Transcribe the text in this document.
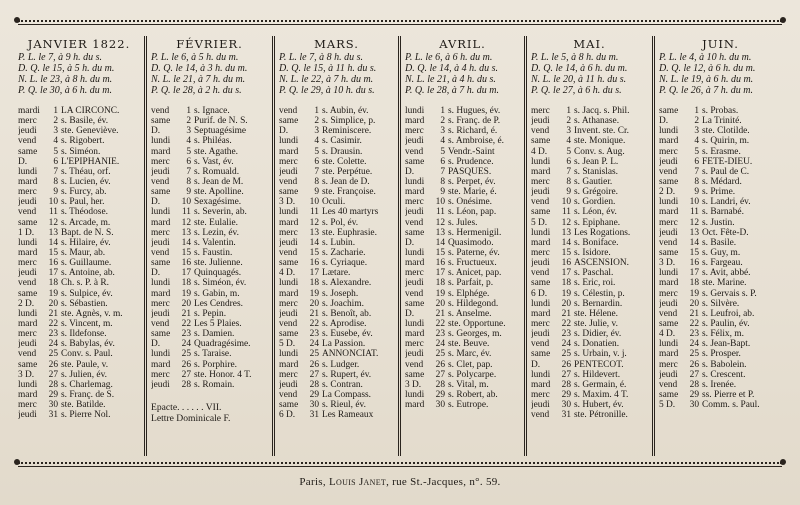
JANVIER 1822.
P. L. le 7, à 9 h. du s.
D. Q. le 15, à 5 h. du m.
N. L. le 23, à 8 h. du m.
P. Q. le 30, à 6 h. du m.
mardi	1 LA CIRCONC.
merc	2 s. Basile, év.
jeudi	3 ste. Geneviève.
vend	4 s. Rigobert.
same	5 s. Siméon.
D.	6 L'EPIPHANIE.
lundi	7 s. Théau, orf.
mard	8 s. Lucien, év.
merc	9 s. Furcy, ab.
jeudi	10 s. Paul, her.
vend	11 s. Théodose.
same	12 s. Arcade, m.
1 D.	13 Bapt. de N. S.
lundi	14 s. Hilaire, év.
mard	15 s. Maur, ab.
merc	16 s. Guillaume.
jeudi	17 s. Antoine, ab.
vend	18 Ch. s. P. à R.
same	19 s. Sulpice, év.
2 D.	20 s. Sébastien.
lundi	21 ste. Agnès, v. m.
mard	22 s. Vincent, m.
merc	23 s. Ildefonse.
jeudi	24 s. Babylas, év.
vend	25 Conv. s. Paul.
same	26 ste. Paule, v.
3 D.	27 s. Julien, év.
lundi	28 s. Charlemag.
mard	29 s. Franç. de S.
merc	30 ste. Batilde.
jeudi	31 s. Pierre Nol.
FÉVRIER.
P. L. le 6, à 5 h. du m.
D. Q. le 14, à 3 h. du m.
N. L. le 21, à 7 h. du m.
P. Q. le 28, à 2 h. du s.
vend	1 s. Ignace.
same	2 Purif. de N. S.
D.	3 Septuagésime
lundi	4 s. Philéas.
mard	5 ste. Agathe.
merc	6 s. Vast, év.
jeudi	7 s. Romuald.
vend	8 s. Jean de M.
same	9 ste. Apolline.
D.	10 Sexagésime.
lundi	11 s. Severin, ab.
mard	12 ste. Eulalie.
merc	13 s. Lezin, év.
jeudi	14 s. Valentin.
vend	15 s. Faustin.
same	16 ste. Julienne.
D.	17 Quinquagés.
lundi	18 s. Siméon, év.
mard	19 s. Gabin, m.
merc	20 Les Cendres.
jeudi	21 s. Pepin.
vend	22 Les 5 Plaies.
same	23 s. Damien.
D.	24 Quadragésime.
lundi	25 s. Taraise.
mard	26 s. Porphire.
merc	27 ste. Honor. 4 T.
jeudi	28 s. Romain.
Epacte. . . . . . VII.
Lettre Dominicale F.
MARS.
P. L. le 7, à 8 h. du s.
D. Q. le 15, à 11 h. du s.
N. L. le 22, à 7 h. du m.
P. Q. le 29, à 10 h. du s.
vend	1 s. Aubin, év.
same	2 s. Simplice, p.
D.	3 Reminiscere.
lundi	4 s. Casimir.
mard	5 s. Drausin.
merc	6 ste. Colette.
jeudi	7 ste. Perpétue.
vend	8 s. Jean de D.
same	9 ste. Françoise.
3 D.	10 Oculi.
lundi	11 Les 40 martyrs
mard	12 s. Pol, év.
merc	13 ste. Euphrasie.
jeudi	14 s. Lubin.
vend	15 s. Zacharie.
same	16 s. Cyriaque.
4 D.	17 Lætare.
lundi	18 s. Alexandre.
mard	19 s. Joseph.
merc	20 s. Joachim.
jeudi	21 s. Benoît, ab.
vend	22 s. Aprodise.
same	23 s. Eusebe, év.
5 D.	24 La Passion.
lundi	25 ANNONCIAT.
mard	26 s. Ludger.
merc	27 s. Rupert, év.
jeudi	28 s. Contran.
vend	29 La Compass.
same	30 s. Rieul, év.
6 D.	31 Les Rameaux
AVRIL.
P. L. le 6, à 6 h. du m.
D. Q. le 14, à 4 h. du s.
N. L. le 21, à 4 h. du s.
P. Q. le 28, à 7 h. du m.
lundi	1 s. Hugues, év.
mard	2 s. Franç. de P.
merc	3 s. Richard, é.
jeudi	4 s. Ambroise, é.
vend	5 Vendr.-Saint
same	6 s. Prudence.
D.	7 PASQUES.
lundi	8 s. Perpet, év.
mard	9 ste. Marie, é.
merc	10 s. Onésime.
jeudi	11 s. Léon, pap.
vend	12 s. Jules.
same	13 s. Hermenigil.
D.	14 Quasimodo.
lundi	15 s. Paterne, év.
mard	16 s. Fructueux.
merc	17 s. Anicet, pap.
jeudi	18 s. Parfait, p.
vend	19 s. Elphége.
same	20 s. Hildegond.
D.	21 s. Anselme.
lundi	22 ste. Opportune.
mard	23 s. Georges, m.
merc	24 ste. Beuve.
jeudi	25 s. Marc, év.
vend	26 s. Clet, pap.
same	27 s. Polycarpe.
3 D.	28 s. Vital, m.
lundi	29 s. Robert, ab.
mard	30 s. Eutrope.
MAI.
P. L. le 5, à 8 h. du m.
D. Q. le 14, à 6 h. du m.
N. L. le 20, à 11 h. du s.
P. Q. le 27, à 6 h. du s.
merc	1 s. Jacq. s. Phil.
jeudi	2 s. Athanase.
vend	3 Invent. ste. Cr.
same	4 ste. Monique.
4 D.	5 Conv. s. Aug.
lundi	6 s. Jean P. L.
mard	7 s. Stanislas.
merc	8 s. Gautier.
jeudi	9 s. Grégoire.
vend	10 s. Gordien.
same	11 s. Léon, év.
5 D.	12 s. Epiphane.
lundi	13 Les Rogations.
mard	14 s. Boniface.
merc	15 s. Isidore.
jeudi	16 ASCENSION.
vend	17 s. Paschal.
same	18 s. Eric, roi.
6 D.	19 s. Célestin, p.
lundi	20 s. Bernardin.
mard	21 ste. Hélene.
merc	22 ste. Julie, v.
jeudi	23 s. Didier, év.
vend	24 s. Donatien.
same	25 s. Urbain, v. j.
D.	26 PENTECOT.
lundi	27 s. Hildevert.
mard	28 s. Germain, é.
merc	29 s. Maxim. 4 T.
jeudi	30 s. Hubert, év.
vend	31 ste. Pétronille.
JUIN.
P. L. le 4, à 10 h. du m.
D. Q. le 12, à 6 h. du m.
N. L. le 19, à 6 h. du m.
P. Q. le 26, à 7 h. du m.
same	1 s. Probas.
D.	2 La Trinité.
lundi	3 ste. Clotilde.
mard	4 s. Quirin, m.
merc	5 s. Erasme.
jeudi	6 FÊTE-DIEU.
vend	7 s. Paul de C.
same	8 s. Médard.
2 D.	9 s. Prime.
lundi	10 s. Landri, év.
mard	11 s. Barnabé.
merc	12 s. Justin.
jeudi	13 Oct. Fête-D.
vend	14 s. Basile.
same	15 s. Guy, m.
3 D.	16 s. Fargeau.
lundi	17 s. Avit, abbé.
mard	18 ste. Marine.
merc	19 s. Gervais s. P.
jeudi	20 s. Silvère.
vend	21 s. Leufroi, ab.
same	22 s. Paulin, év.
4 D.	23 s. Félix, m.
lundi	24 s. Jean-Bapt.
mard	25 s. Prosper.
merc	26 s. Babolein.
jeudi	27 s. Crescent.
vend	28 s. Irenée.
same	29 ss. Pierre et P.
5 D.	30 Comm. s. Paul.
Paris, Louis Janet, rue St.-Jacques, n°. 59.
